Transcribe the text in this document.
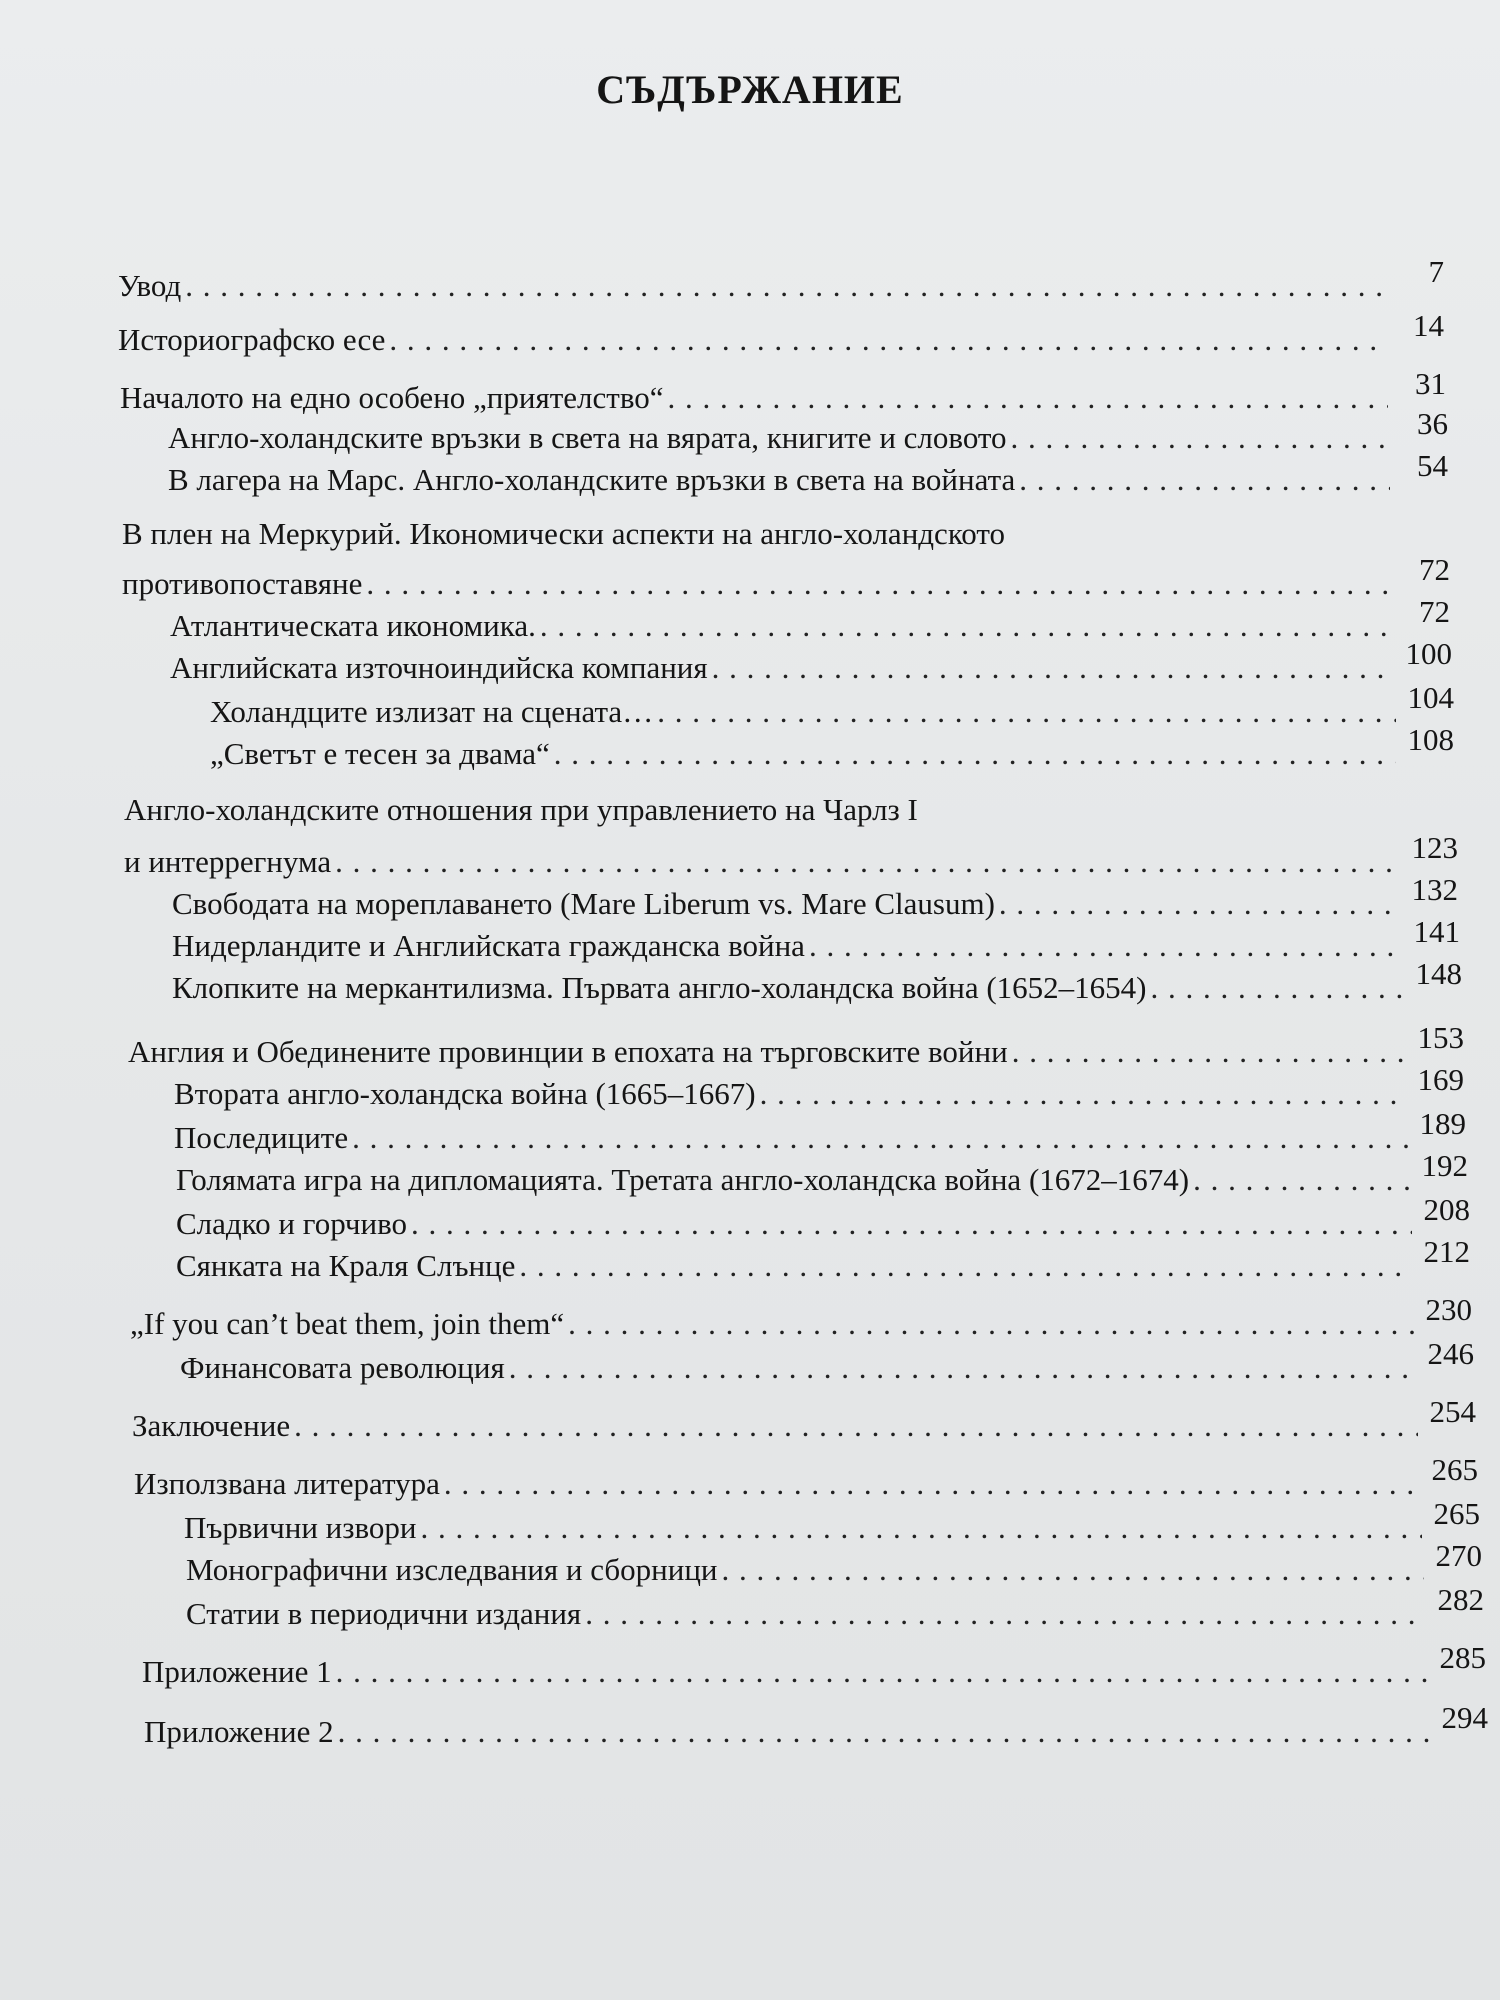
СЪДЪРЖАНИЕ
Увод . . .	7
Историографско есе . . .	14
Началото на едно особено „приятелство“ . . .	31
Англо-холандските връзки в света на вярата, книгите и словото . . .	36
В лагера на Марс. Англо-холандските връзки в света на войната . . .	54
В плен на Меркурий. Икономически аспекти на англо-холандското
противопоставяне . . .	72
Атлантическата икономика. . . .	72
Английската източноиндийска компания . . .	100
Холандците излизат на сцената… . . .	104
„Светът е тесен за двама“ . . .	108
Англо-холандските отношения при управлението на Чарлз I
и интеррегнума . . .	123
Свободата на мореплаването (Mare Liberum vs. Mare Clausum) . . .	132
Нидерландите и Английската гражданска война . . .	141
Клопките на меркантилизма. Първата англо-холандска война (1652–1654) . . .	148
Англия и Обединените провинции в епохата на търговските войни . . .	153
Втората англо-холандска война (1665–1667) . . .	169
Последиците . . .	189
Голямата игра на дипломацията. Третата англо-холандска война (1672–1674) . . .	192
Сладко и горчиво . . .	208
Сянката на Краля Слънце . . .	212
„If you can’t beat them, join them“ . . .	230
Финансовата революция . . .	246
Заключение . . .	254
Използвана литература . . .	265
Първични извори . . .	265
Монографични изследвания и сборници . . .	270
Статии в периодични издания . . .	282
Приложение 1 . . .	285
Приложение 2 . . .	294
